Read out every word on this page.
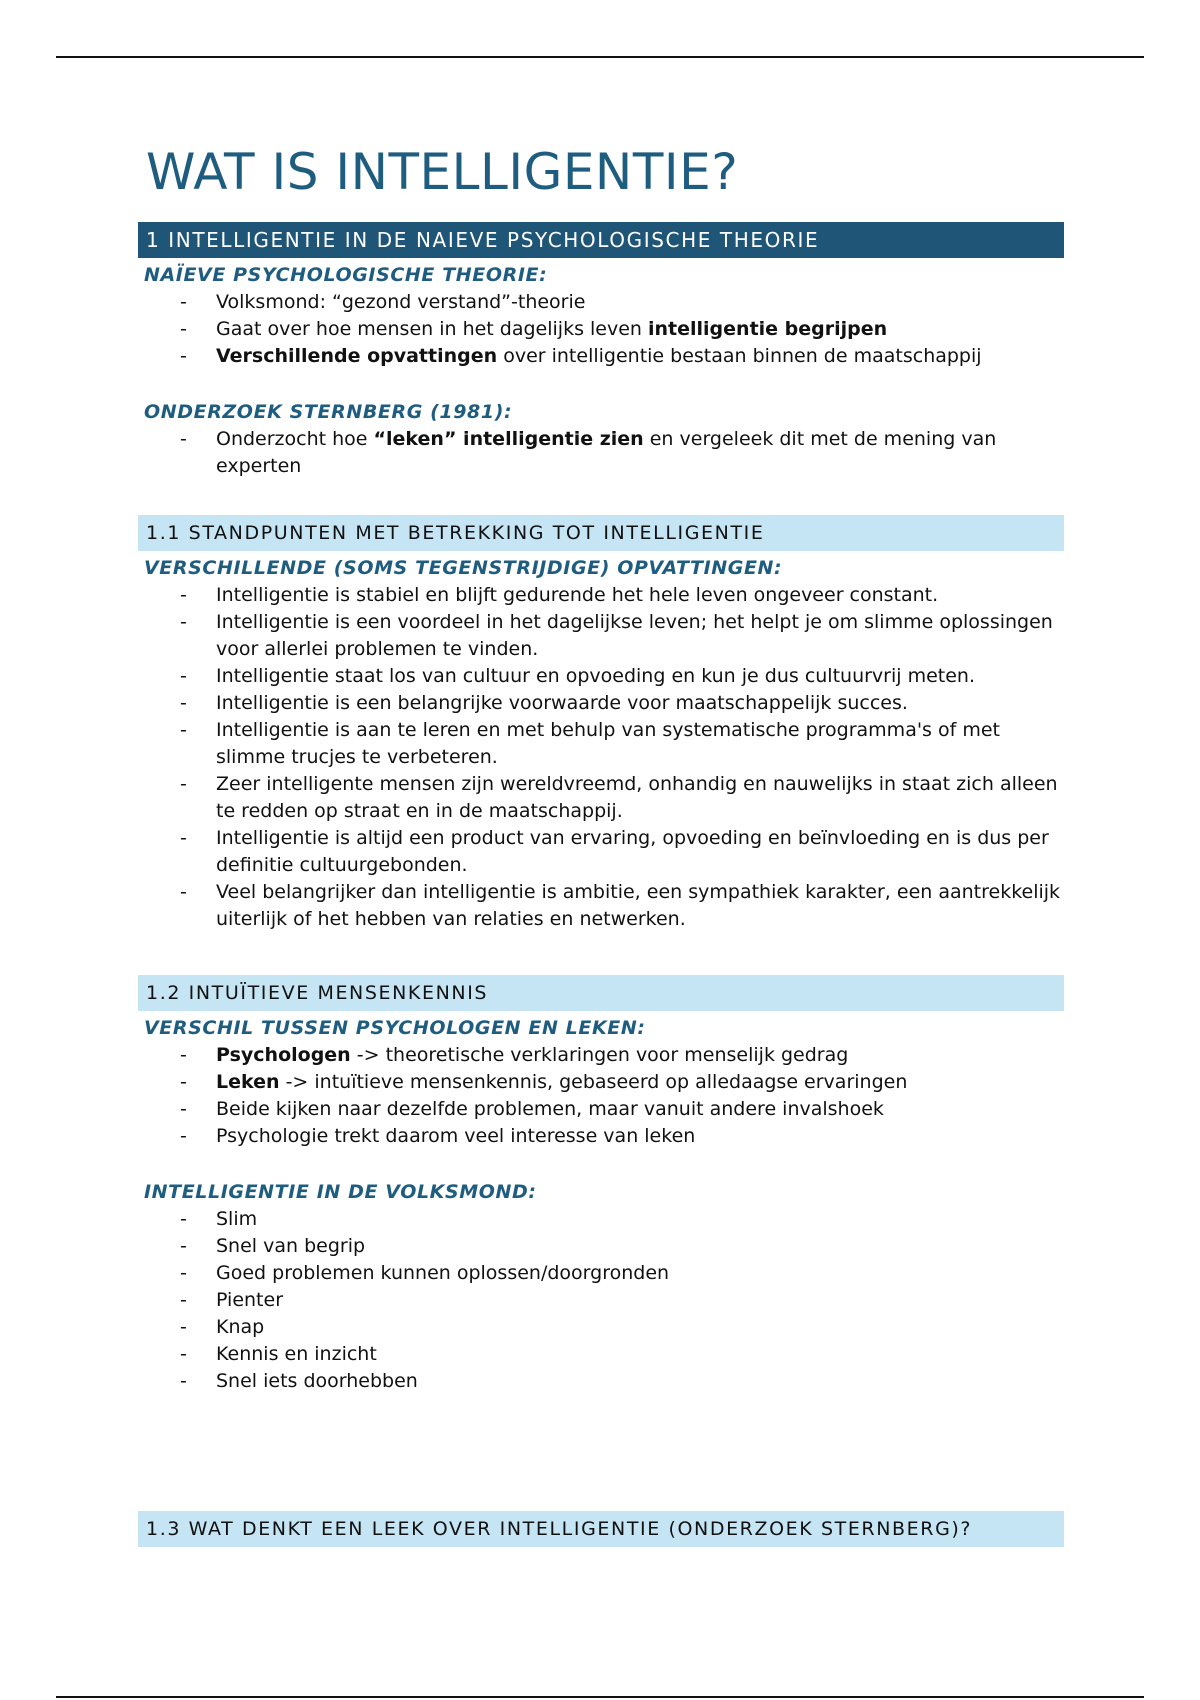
WAT IS INTELLIGENTIE?
1 INTELLIGENTIE IN DE NAIEVE PSYCHOLOGISCHE THEORIE
NAÏEVE PSYCHOLOGISCHE THEORIE:
- Volksmond: “gezond verstand”-theorie
- Gaat over hoe mensen in het dagelijks leven intelligentie begrijpen
- Verschillende opvattingen over intelligentie bestaan binnen de maatschappij
ONDERZOEK STERNBERG (1981):
- Onderzocht hoe “leken” intelligentie zien en vergeleek dit met de mening van experten
1.1 STANDPUNTEN MET BETREKKING TOT INTELLIGENTIE
VERSCHILLENDE (SOMS TEGENSTRIJDIGE) OPVATTINGEN:
- Intelligentie is stabiel en blijft gedurende het hele leven ongeveer constant.
- Intelligentie is een voordeel in het dagelijkse leven; het helpt je om slimme oplossingen voor allerlei problemen te vinden.
- Intelligentie staat los van cultuur en opvoeding en kun je dus cultuurvrij meten.
- Intelligentie is een belangrijke voorwaarde voor maatschappelijk succes.
- Intelligentie is aan te leren en met behulp van systematische programma's of met slimme trucjes te verbeteren.
- Zeer intelligente mensen zijn wereldvreemd, onhandig en nauwelijks in staat zich alleen te redden op straat en in de maatschappij.
- Intelligentie is altijd een product van ervaring, opvoeding en beïnvloeding en is dus per definitie cultuurgebonden.
- Veel belangrijker dan intelligentie is ambitie, een sympathiek karakter, een aantrekkelijk uiterlijk of het hebben van relaties en netwerken.
1.2 INTUÏTIEVE MENSENKENNIS
VERSCHIL TUSSEN PSYCHOLOGEN EN LEKEN:
- Psychologen -> theoretische verklaringen voor menselijk gedrag
- Leken -> intuïtieve mensenkennis, gebaseerd op alledaagse ervaringen
- Beide kijken naar dezelfde problemen, maar vanuit andere invalshoek
- Psychologie trekt daarom veel interesse van leken
INTELLIGENTIE IN DE VOLKSMOND:
- Slim
- Snel van begrip
- Goed problemen kunnen oplossen/doorgronden
- Pienter
- Knap
- Kennis en inzicht
- Snel iets doorhebben
1.3 WAT DENKT EEN LEEK OVER INTELLIGENTIE (ONDERZOEK STERNBERG)?
